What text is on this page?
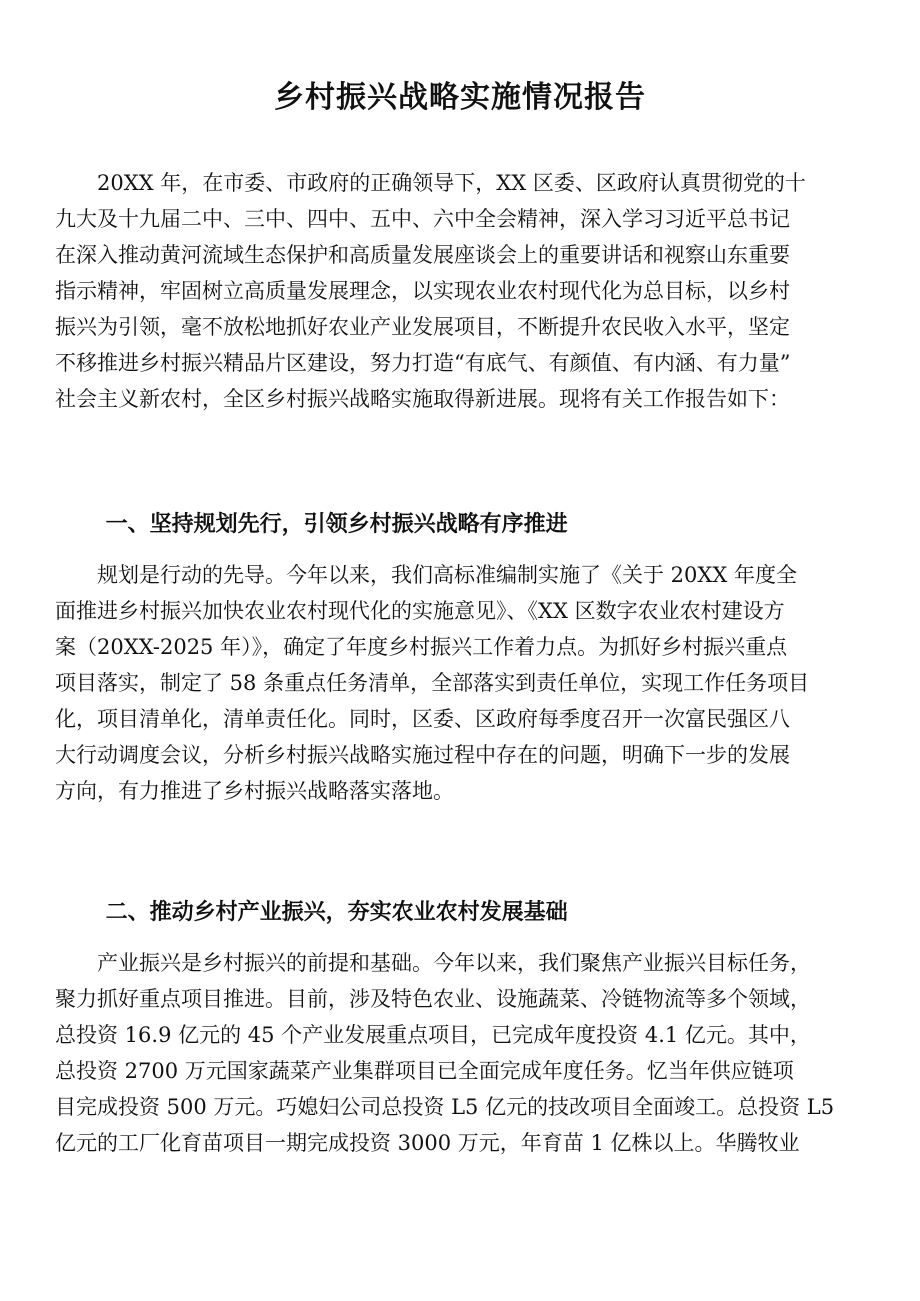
乡村振兴战略实施情况报告
20XX 年，在市委、市政府的正确领导下，XX 区委、区政府认真贯彻党的十
九大及十九届二中、三中、四中、五中、六中全会精神，深入学习习近平总书记
在深入推动黄河流域生态保护和高质量发展座谈会上的重要讲话和视察山东重要
指示精神，牢固树立高质量发展理念，以实现农业农村现代化为总目标，以乡村
振兴为引领，毫不放松地抓好农业产业发展项目，不断提升农民收入水平，坚定
不移推进乡村振兴精品片区建设，努力打造“有底气、有颜值、有内涵、有力量”
社会主义新农村，全区乡村振兴战略实施取得新进展。现将有关工作报告如下：
一、坚持规划先行，引领乡村振兴战略有序推进
规划是行动的先导。今年以来，我们高标准编制实施了《关于 20XX 年度全
面推进乡村振兴加快农业农村现代化的实施意见》、《XX 区数字农业农村建设方
案（20XX-2025 年）》，确定了年度乡村振兴工作着力点。为抓好乡村振兴重点
项目落实，制定了 58 条重点任务清单，全部落实到责任单位，实现工作任务项目
化，项目清单化，清单责任化。同时，区委、区政府每季度召开一次富民强区八
大行动调度会议，分析乡村振兴战略实施过程中存在的问题，明确下一步的发展
方向，有力推进了乡村振兴战略落实落地。
二、推动乡村产业振兴，夯实农业农村发展基础
产业振兴是乡村振兴的前提和基础。今年以来，我们聚焦产业振兴目标任务，
聚力抓好重点项目推进。目前，涉及特色农业、设施蔬菜、冷链物流等多个领域，
总投资 16.9 亿元的 45 个产业发展重点项目，已完成年度投资 4.1 亿元。其中，
总投资 2700 万元国家蔬菜产业集群项目已全面完成年度任务。忆当年供应链项
目完成投资 500 万元。巧媳妇公司总投资 L5 亿元的技改项目全面竣工。总投资 L5
亿元的工厂化育苗项目一期完成投资 3000 万元，年育苗 1 亿株以上。华腾牧业
